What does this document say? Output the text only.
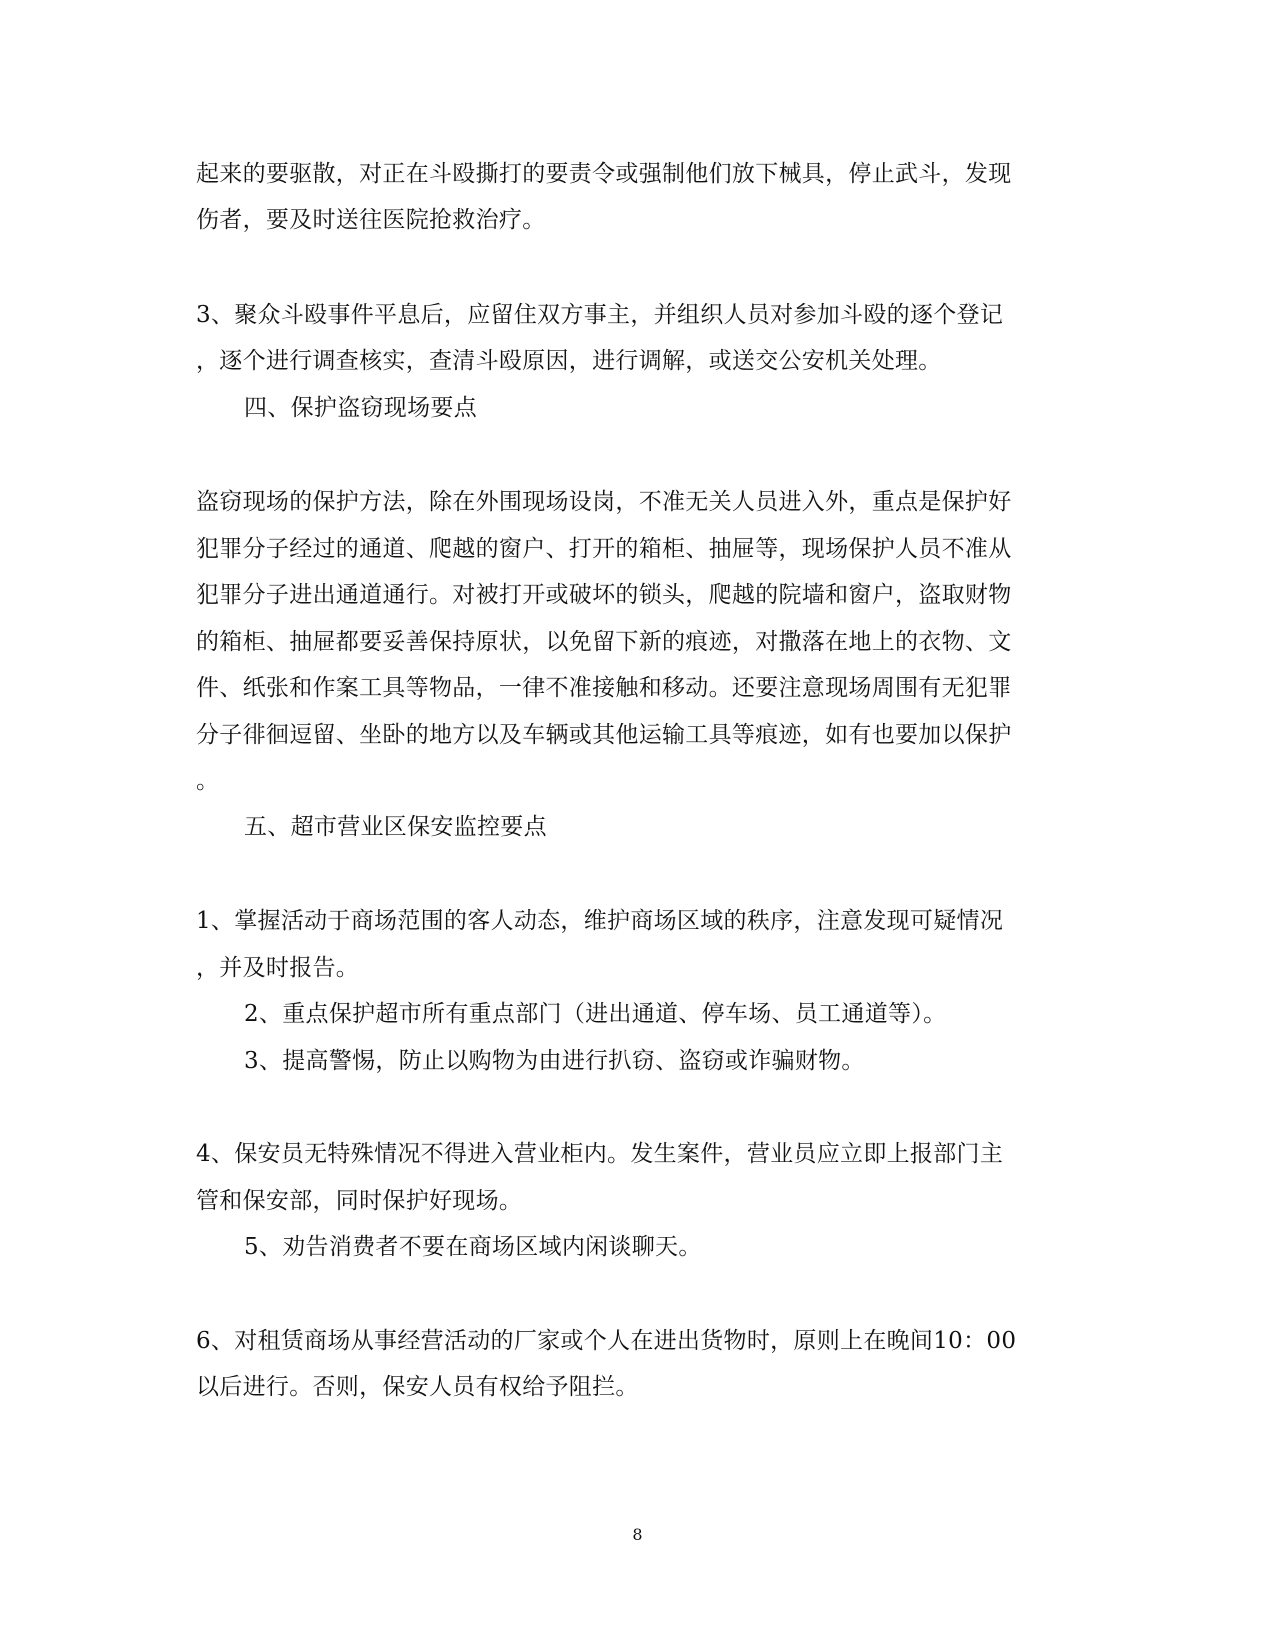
起来的要驱散，对正在斗殴撕打的要责令或强制他们放下械具，停止武斗，发现
伤者，要及时送往医院抢救治疗。
3、聚众斗殴事件平息后，应留住双方事主，并组织人员对参加斗殴的逐个登记
，逐个进行调查核实，查清斗殴原因，进行调解，或送交公安机关处理。
四、保护盗窃现场要点
盗窃现场的保护方法，除在外围现场设岗，不准无关人员进入外，重点是保护好
犯罪分子经过的通道、爬越的窗户、打开的箱柜、抽屉等，现场保护人员不准从
犯罪分子进出通道通行。对被打开或破坏的锁头，爬越的院墙和窗户，盗取财物
的箱柜、抽屉都要妥善保持原状，以免留下新的痕迹，对撒落在地上的衣物、文
件、纸张和作案工具等物品，一律不准接触和移动。还要注意现场周围有无犯罪
分子徘徊逗留、坐卧的地方以及车辆或其他运输工具等痕迹，如有也要加以保护
。
五、超市营业区保安监控要点
1、掌握活动于商场范围的客人动态，维护商场区域的秩序，注意发现可疑情况
，并及时报告。
2、重点保护超市所有重点部门（进出通道、停车场、员工通道等）。
3、提高警惕，防止以购物为由进行扒窃、盗窃或诈骗财物。
4、保安员无特殊情况不得进入营业柜内。发生案件，营业员应立即上报部门主
管和保安部，同时保护好现场。
5、劝告消费者不要在商场区域内闲谈聊天。
6、对租赁商场从事经营活动的厂家或个人在进出货物时，原则上在晚间10：00
以后进行。否则，保安人员有权给予阻拦。
8
